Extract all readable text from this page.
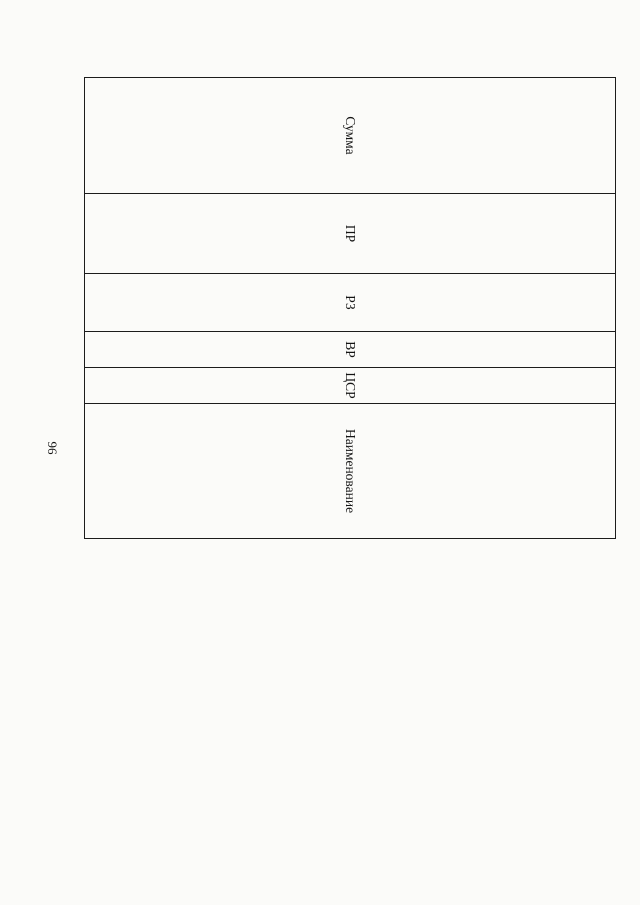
96
Сумма	ПР	РЗ	ВР	ЦСР	Наименование
